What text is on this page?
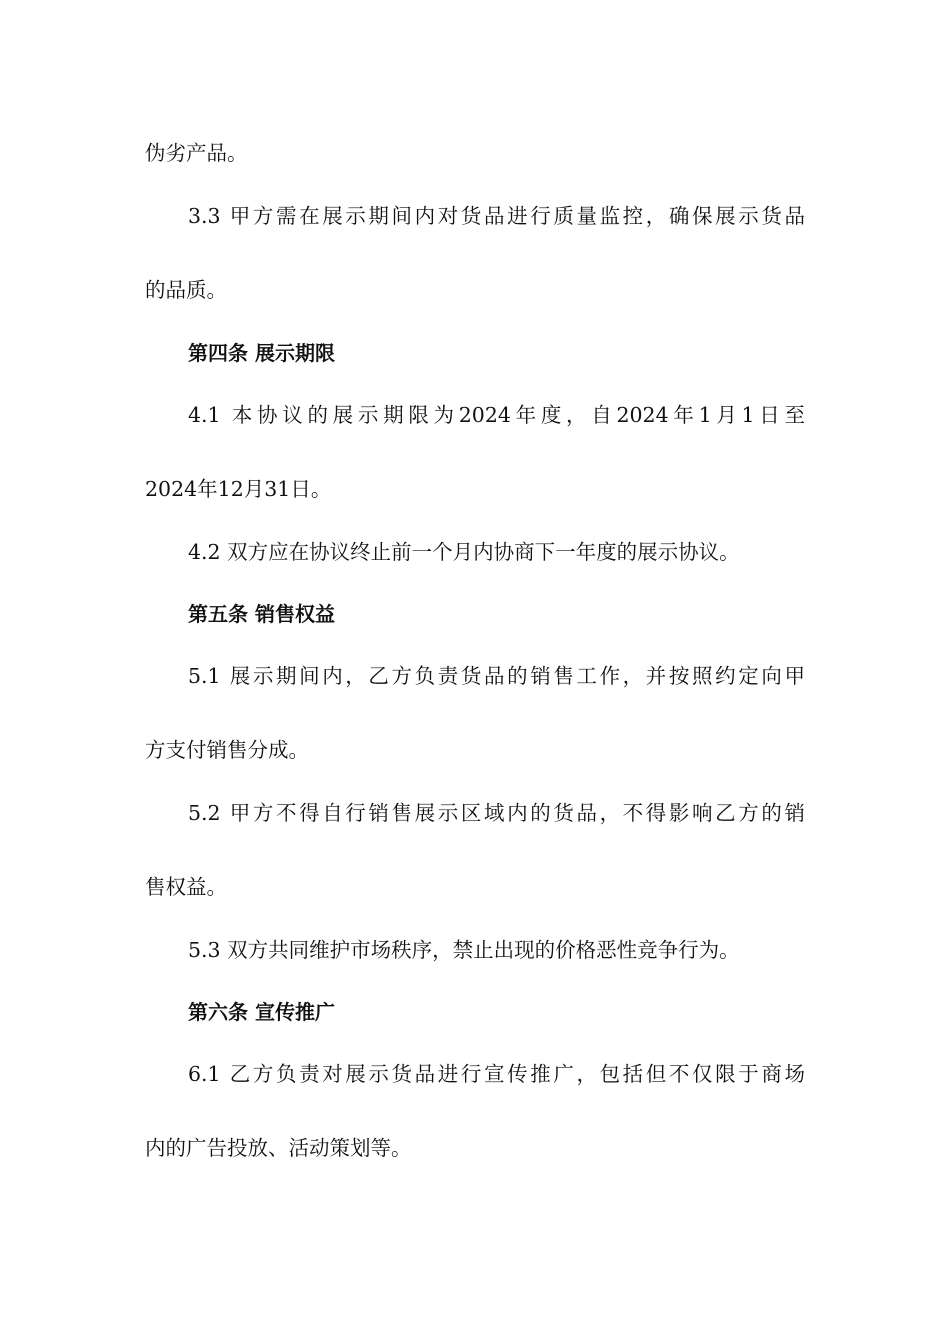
伪劣产品。
3.3 甲方需在展示期间内对货品进行质量监控，确保展示货品
的品质。
第四条 展示期限
4.1 本协议的展示期限为2024年度，自2024年1月1日至
2024年12月31日。
4.2 双方应在协议终止前一个月内协商下一年度的展示协议。
第五条 销售权益
5.1 展示期间内，乙方负责货品的销售工作，并按照约定向甲
方支付销售分成。
5.2 甲方不得自行销售展示区域内的货品，不得影响乙方的销
售权益。
5.3 双方共同维护市场秩序，禁止出现的价格恶性竞争行为。
第六条 宣传推广
6.1 乙方负责对展示货品进行宣传推广，包括但不仅限于商场
内的广告投放、活动策划等。
